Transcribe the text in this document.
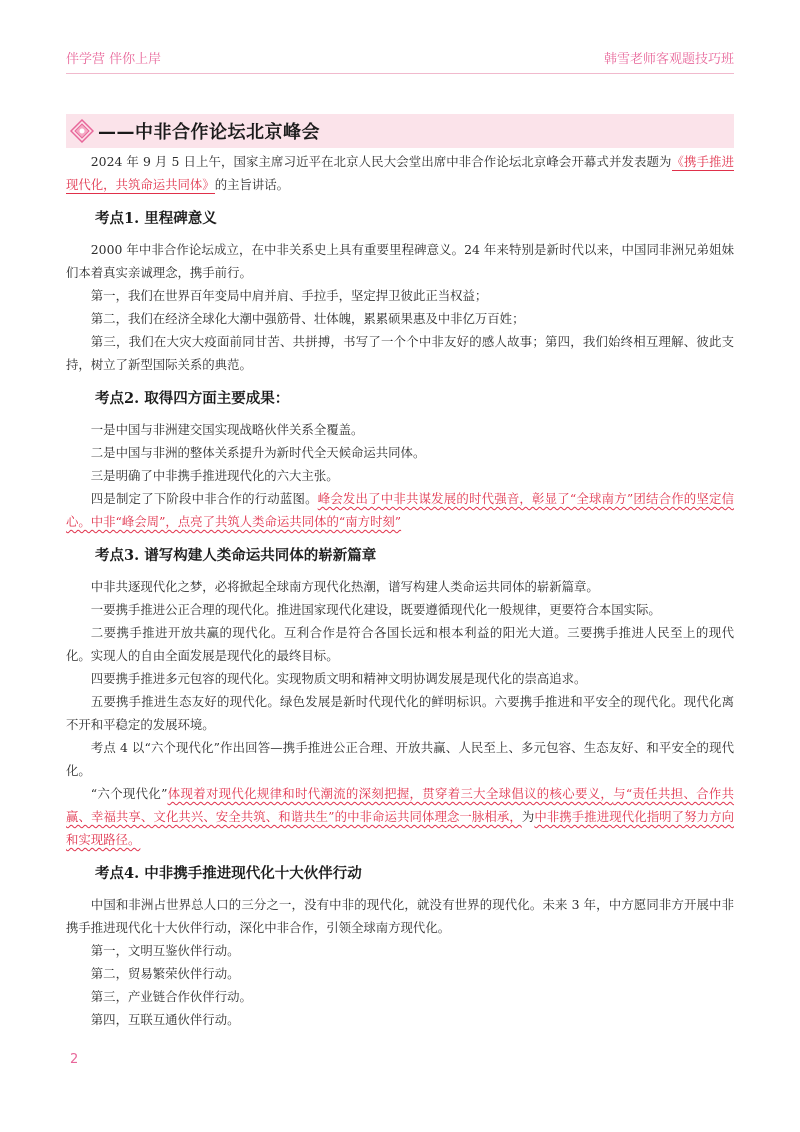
伴学营 伴你上岸	韩雪老师客观题技巧班
——中非合作论坛北京峰会

2024 年 9 月 5 日上午，国家主席习近平在北京人民大会堂出席中非合作论坛北京峰会开幕式并发表题为《携手推进现代化，共筑命运共同体》的主旨讲话。

考点1. 里程碑意义

2000 年中非合作论坛成立，在中非关系史上具有重要里程碑意义。24 年来特别是新时代以来，中国同非洲兄弟姐妹们本着真实亲诚理念，携手前行。

第一，我们在世界百年变局中肩并肩、手拉手，坚定捍卫彼此正当权益；

第二，我们在经济全球化大潮中强筋骨、壮体魄，累累硕果惠及中非亿万百姓；

第三，我们在大灾大疫面前同甘苦、共拼搏，书写了一个个中非友好的感人故事；第四，我们始终相互理解、彼此支持，树立了新型国际关系的典范。

考点2. 取得四方面主要成果：

一是中国与非洲建交国实现战略伙伴关系全覆盖。

二是中国与非洲的整体关系提升为新时代全天候命运共同体。

三是明确了中非携手推进现代化的六大主张。

四是制定了下阶段中非合作的行动蓝图。峰会发出了中非共谋发展的时代强音，彰显了“全球南方”团结合作的坚定信心。中非“峰会周”，点亮了共筑人类命运共同体的“南方时刻”

考点3. 谱写构建人类命运共同体的崭新篇章

中非共逐现代化之梦，必将掀起全球南方现代化热潮，谱写构建人类命运共同体的崭新篇章。

一要携手推进公正合理的现代化。推进国家现代化建设，既要遵循现代化一般规律，更要符合本国实际。

二要携手推进开放共赢的现代化。互利合作是符合各国长远和根本利益的阳光大道。三要携手推进人民至上的现代化。实现人的自由全面发展是现代化的最终目标。

四要携手推进多元包容的现代化。实现物质文明和精神文明协调发展是现代化的崇高追求。

五要携手推进生态友好的现代化。绿色发展是新时代现代化的鲜明标识。六要携手推进和平安全的现代化。现代化离不开和平稳定的发展环境。

考点 4 以“六个现代化”作出回答—携手推进公正合理、开放共赢、人民至上、多元包容、生态友好、和平安全的现代化。

“六个现代化”体现着对现代化规律和时代潮流的深刻把握，贯穿着三大全球倡议的核心要义，与“责任共担、合作共赢、幸福共享、文化共兴、安全共筑、和谐共生”的中非命运共同体理念一脉相承，为中非携手推进现代化指明了努力方向和实现路径。

考点4. 中非携手推进现代化十大伙伴行动

中国和非洲占世界总人口的三分之一，没有中非的现代化，就没有世界的现代化。未来 3 年，中方愿同非方开展中非携手推进现代化十大伙伴行动，深化中非合作，引领全球南方现代化。

第一，文明互鉴伙伴行动。

第二，贸易繁荣伙伴行动。

第三，产业链合作伙伴行动。

第四，互联互通伙伴行动。

2
